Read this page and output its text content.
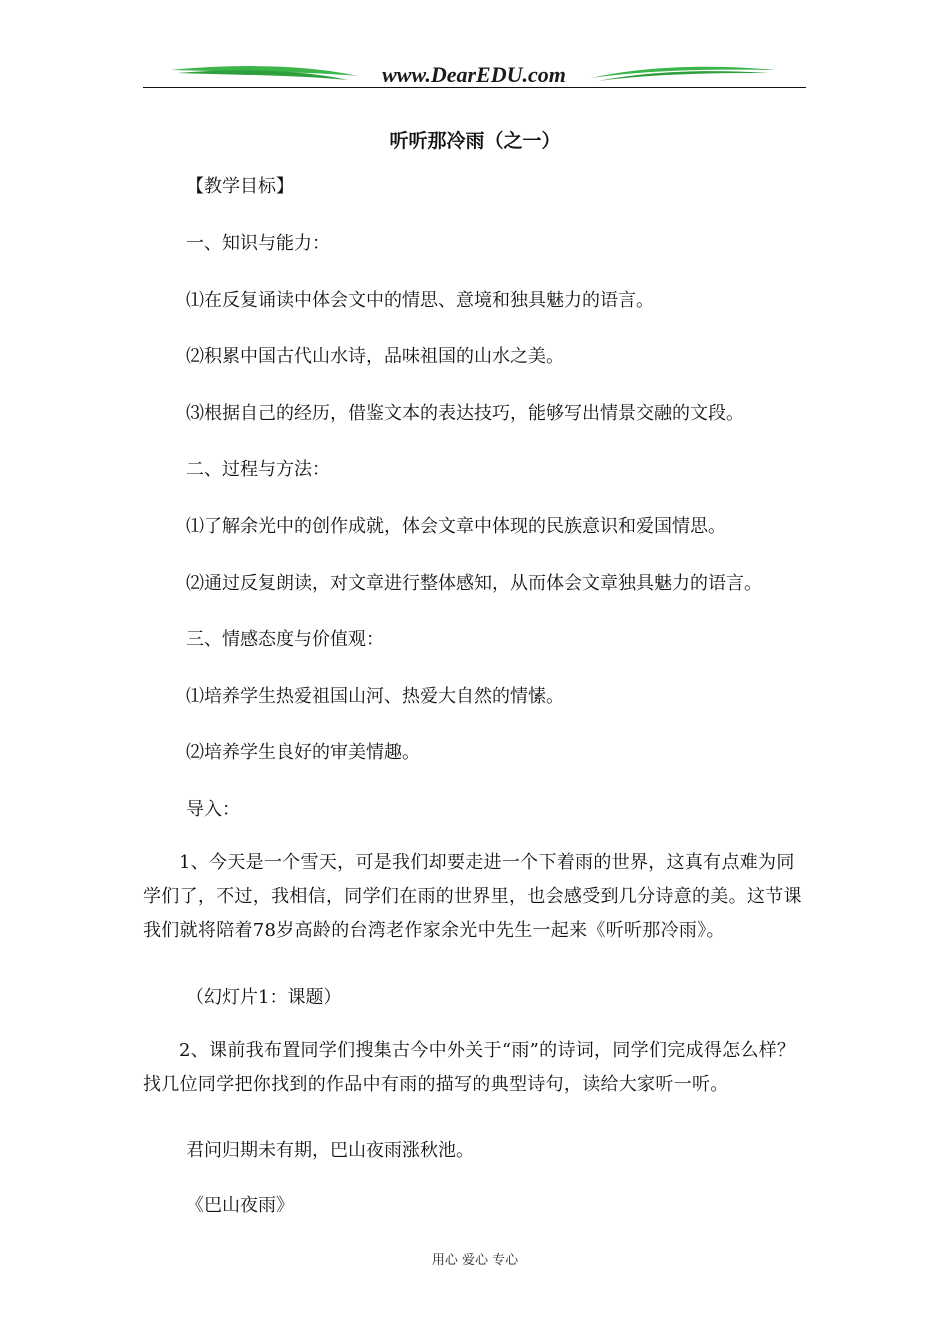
www.DearEDU.com
听听那冷雨（之一）
【教学目标】
一、知识与能力：
⑴在反复诵读中体会文中的情思、意境和独具魅力的语言。
⑵积累中国古代山水诗，品味祖国的山水之美。
⑶根据自己的经历，借鉴文本的表达技巧，能够写出情景交融的文段。
二、过程与方法：
⑴了解余光中的创作成就，体会文章中体现的民族意识和爱国情思。
⑵通过反复朗读，对文章进行整体感知，从而体会文章独具魅力的语言。
三、情感态度与价值观：
⑴培养学生热爱祖国山河、热爱大自然的情愫。
⑵培养学生良好的审美情趣。
导入：
1、今天是一个雪天，可是我们却要走进一个下着雨的世界，这真有点难为同学们了，不过，我相信，同学们在雨的世界里，也会感受到几分诗意的美。这节课我们就将陪着78岁高龄的台湾老作家余光中先生一起来《听听那冷雨》。
（幻灯片1：课题）
2、课前我布置同学们搜集古今中外关于“雨”的诗词，同学们完成得怎么样？找几位同学把你找到的作品中有雨的描写的典型诗句，读给大家听一听。
君问归期未有期，巴山夜雨涨秋池。
《巴山夜雨》
用心 爱心 专心
